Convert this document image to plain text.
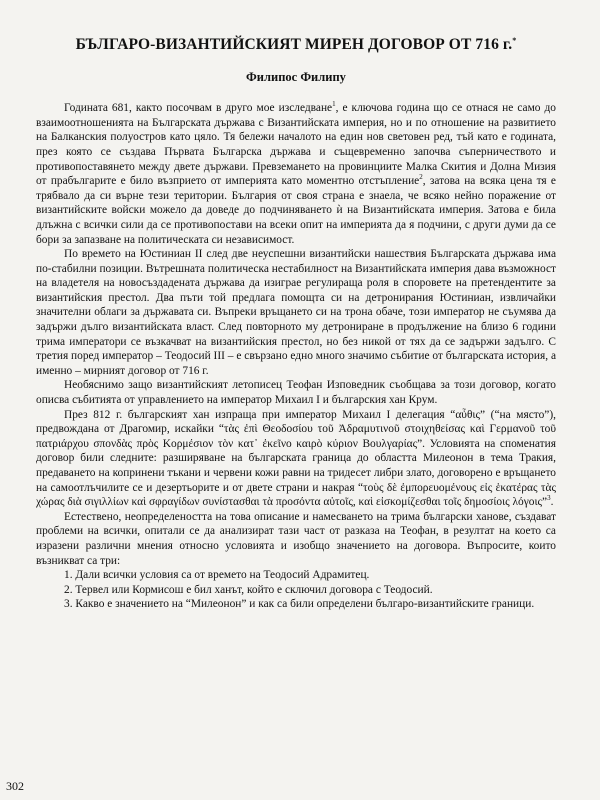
БЪЛГАРО-ВИЗАНТИЙСКИЯТ МИРЕН ДОГОВОР ОТ 716 г.*
Филипос Филипу

Годината 681, както посочвам в друго мое изследване$^1$, е ключова година що се отнася не само до взаимоотношенията на Българската държава с Византийската империя, но и по отношение на развитието на Балканския полуостров като цяло. Тя бележи началото на един нов световен ред, тъй като е годината, през която се създава Първата Българска държава и същевременно започва съперничеството и противопоставянето между двете държави. Превземането на провинциите Малка Скития и Долна Мизия от прабългарите е било възприето от империята като моментно отстъпление$^2$, затова на всяка цена тя е трябвало да си върне тези територии. България от своя страна е знаела, че всяко нейно поражение от византийските войски можело да доведе до подчиняването ѝ на Византийската империя. Затова е била длъжна с всички сили да се противопостави на всеки опит на империята да я подчини, с други думи да се бори за запазване на политическата си независимост.

По времето на Юстиниан II след две неуспешни византийски нашествия Българската държава има по-стабилни позиции. Вътрешната политическа нестабилност на Византийската империя дава възможност на владетеля на новосъздадената държава да изиграе регулираща роля в споровете на претендентите за византийския престол. Два пъти той предлага помощта си на детронирания Юстиниан, извличайки значителни облаги за държавата си. Въпреки връщането си на трона обаче, този император не съумява да задържи дълго византийската власт. След повторното му детрониране в продължение на близо 6 години трима императори се възкачват на византийския престол, но без никой от тях да се задържи задълго. С третия поред император – Теодосий III – е свързано едно много значимо събитие от българската история, а именно – мирният договор от 716 г.

Необяснимо защо византийският летописец Теофан Изповедник съобщава за този договор, когато описва събитията от управлението на император Михаил I и българския хан Крум.

През 812 г. българският хан изпраща при император Михаил I делегация “αὖθις” (“на място”), предвождана от Драгомир, искайки “τὰς ἐπὶ Θεοδοσίου τοῦ Ἀδραμυτινοῦ στοιχηθείσας καὶ Γερμανοῦ τοῦ πατριάρχου σπονδὰς πρὸς Κορμέσιον τὸν κατ᾽ ἐκεῖνο καιρὸ κύριον Βουλγαρίας”. Условията на споменатия договор били следните: разширяване на българската граница до областта Милеонон в тема Тракия, предаването на копринени тъкани и червени кожи равни на тридесет либри злато, договорено е връщането на самоотлъчилите се и дезертьорите и от двете страни и накрая “τοὺς δὲ ἐμπορευομένους εἰς ἑκατέρας τὰς χώρας διὰ σιγιλλίων καὶ σφραγίδων συνίστασθαι τὰ προσόντα αὐτοῖς, καὶ εἰσκομίζεσθαι τοῖς δημοσίοις λόγοις”$^3$.

Естествено, неопределеността на това описание и намесването на трима български ханове, създават проблеми на всички, опитали се да анализират тази част от разказа на Теофан, в резултат на което са изразени различни мнения относно условията и изобщо значението на договора. Въпросите, които възникват са три:

1. Дали всички условия са от времето на Теодосий Адрамитец.
2. Тервел или Кормисош е бил ханът, който е сключил договора с Теодосий.
3. Какво е значението на “Милеонон” и как са били определени българо-византийските граници.
302
